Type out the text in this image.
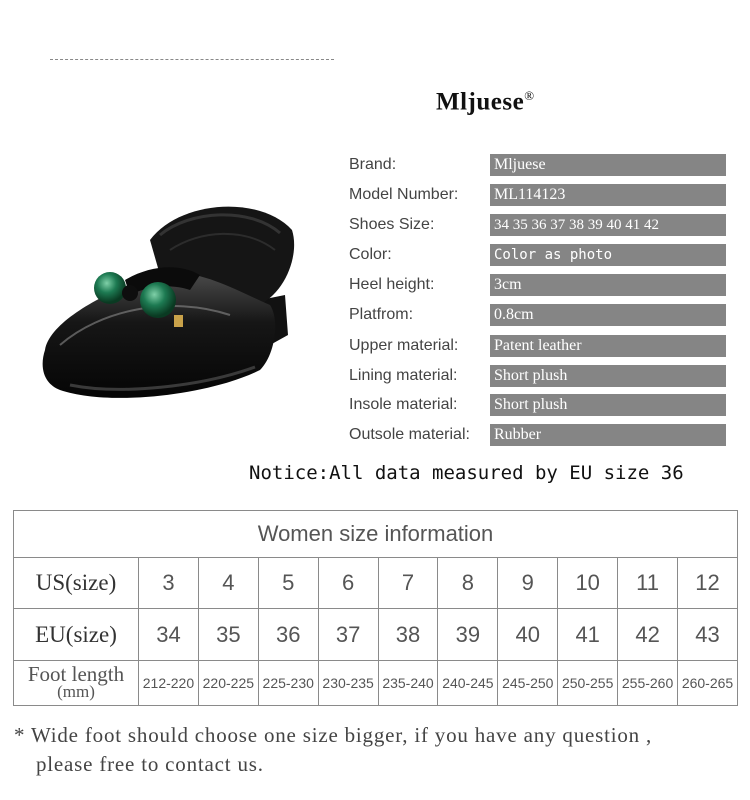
Mljuese®
Brand:	Mljuese
Model Number: ML114123
Shoes Size:	34 35 36 37 38 39 40 41 42
Color:	Color as photo
Heel height:	3cm
Platfrom:	0.8cm
Upper material: Patent leather
Lining material: Short plush
Insole material: Short plush
Outsole material: Rubber
Notice:All data measured by EU size 36
Women size information										
US(size)	3	4	5	6	7	8	9	10	11	12
EU(size)	34	35	36	37	38	39	40	41	42	43

Foot length
(mm)	212-220	220-225	225-230	230-235	235-240	240-245	245-250	250-255	255-260	260-265
* Wide foot should choose one size bigger, if you have any question ,
please free to contact us.
